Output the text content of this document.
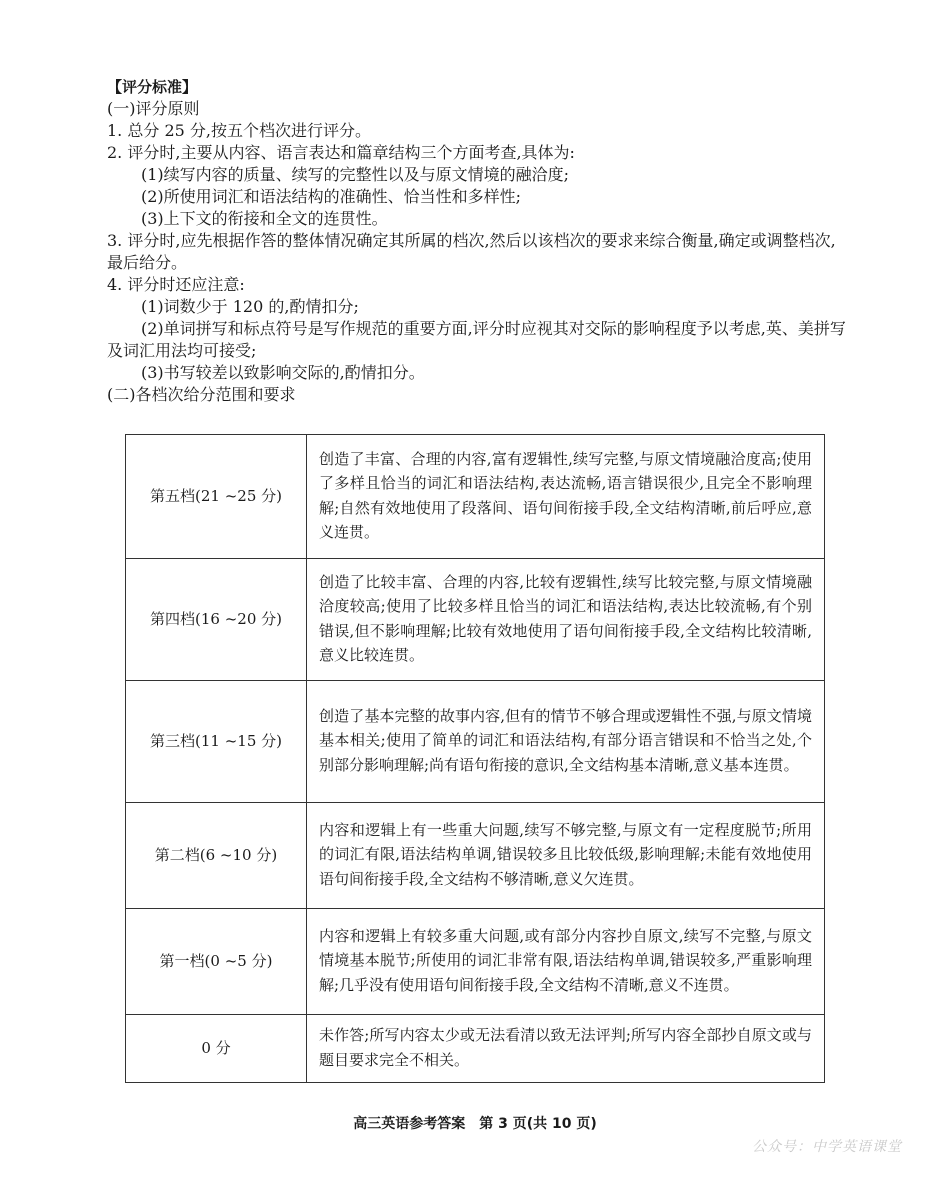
【评分标准】
(一)评分原则
1. 总分 25 分,按五个档次进行评分。
2. 评分时,主要从内容、语言表达和篇章结构三个方面考查,具体为:
(1)续写内容的质量、续写的完整性以及与原文情境的融洽度;
(2)所使用词汇和语法结构的准确性、恰当性和多样性;
(3)上下文的衔接和全文的连贯性。
3. 评分时,应先根据作答的整体情况确定其所属的档次,然后以该档次的要求来综合衡量,确定或调整档次,最后给分。
4. 评分时还应注意:
(1)词数少于 120 的,酌情扣分;
(2)单词拼写和标点符号是写作规范的重要方面,评分时应视其对交际的影响程度予以考虑,英、美拼写及词汇用法均可接受;
(3)书写较差以致影响交际的,酌情扣分。
(二)各档次给分范围和要求
第五档(21 ~25 分)	创造了丰富、合理的内容,富有逻辑性,续写完整,与原文情境融洽度高;使用了多样且恰当的词汇和语法结构,表达流畅,语言错误很少,且完全不影响理解;自然有效地使用了段落间、语句间衔接手段,全文结构清晰,前后呼应,意义连贯。
第四档(16 ~20 分)	创造了比较丰富、合理的内容,比较有逻辑性,续写比较完整,与原文情境融洽度较高;使用了比较多样且恰当的词汇和语法结构,表达比较流畅,有个别错误,但不影响理解;比较有效地使用了语句间衔接手段,全文结构比较清晰,意义比较连贯。
第三档(11 ~15 分)	创造了基本完整的故事内容,但有的情节不够合理或逻辑性不强,与原文情境基本相关;使用了简单的词汇和语法结构,有部分语言错误和不恰当之处,个别部分影响理解;尚有语句衔接的意识,全文结构基本清晰,意义基本连贯。
第二档(6 ~10 分)	内容和逻辑上有一些重大问题,续写不够完整,与原文有一定程度脱节;所用的词汇有限,语法结构单调,错误较多且比较低级,影响理解;未能有效地使用语句间衔接手段,全文结构不够清晰,意义欠连贯。
第一档(0 ~5 分)	内容和逻辑上有较多重大问题,或有部分内容抄自原文,续写不完整,与原文情境基本脱节;所使用的词汇非常有限,语法结构单调,错误较多,严重影响理解;几乎没有使用语句间衔接手段,全文结构不清晰,意义不连贯。
0 分	未作答;所写内容太少或无法看清以致无法评判;所写内容全部抄自原文或与题目要求完全不相关。
高三英语参考答案　第 3 页(共 10 页)
公众号：中学英语课堂
